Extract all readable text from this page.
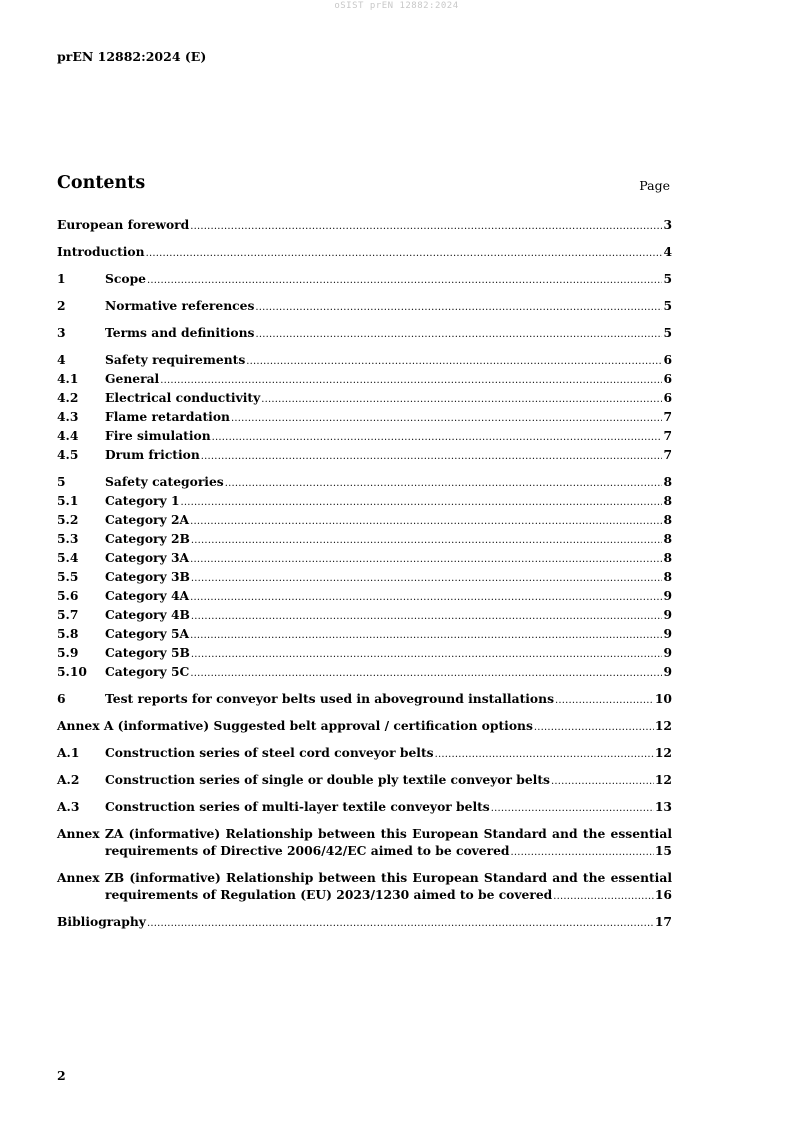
oSIST prEN 12882:2024
prEN 12882:2024 (E)
Contents	Page
European foreword .....	3
Introduction .....	4
1	Scope .....	5
2	Normative references .....	5
3	Terms and definitions .....	5
4	Safety requirements .....	6
4.1	General .....	6
4.2	Electrical conductivity .....	6
4.3	Flame retardation .....	7
4.4	Fire simulation .....	7
4.5	Drum friction .....	7
5	Safety categories .....	8
5.1	Category 1 .....	8
5.2	Category 2A .....	8
5.3	Category 2B .....	8
5.4	Category 3A .....	8
5.5	Category 3B .....	8
5.6	Category 4A .....	9
5.7	Category 4B .....	9
5.8	Category 5A .....	9
5.9	Category 5B .....	9
5.10	Category 5C .....	9
6	Test reports for conveyor belts used in aboveground installations .....	10
Annex A (informative) Suggested belt approval / certification options .....	12
A.1	Construction series of steel cord conveyor belts .....	12
A.2	Construction series of single or double ply textile conveyor belts .....	12
A.3	Construction series of multi-layer textile conveyor belts .....	13
Annex ZA (informative) Relationship between this European Standard and the essential
requirements of Directive 2006/42/EC aimed to be covered .....	15
Annex ZB (informative) Relationship between this European Standard and the essential
requirements of Regulation (EU) 2023/1230 aimed to be covered .....	16
Bibliography .....	17
2
